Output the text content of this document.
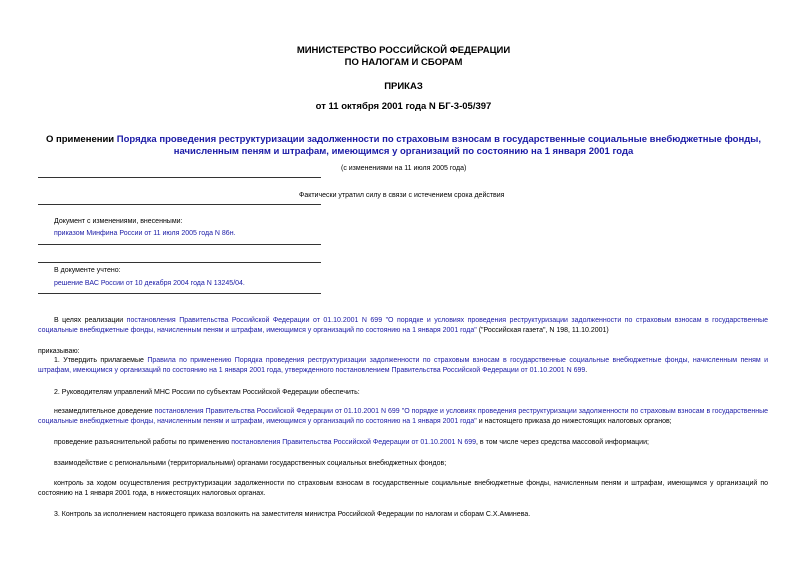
МИНИСТЕРСТВО РОССИЙСКОЙ ФЕДЕРАЦИИ
ПО НАЛОГАМ И СБОРАМ
ПРИКАЗ
от 11 октября 2001 года N БГ-3-05/397
О применении Порядка проведения реструктуризации задолженности по страховым взносам в государственные социальные внебюджетные фонды, начисленным пеням и штрафам, имеющимся у организаций по состоянию на 1 января 2001 года
(с изменениями на 11 июля 2005 года)
Фактически утратил силу в связи с истечением срока действия
Документ с изменениями, внесенными:
приказом Минфина России от 11 июля 2005 года N 86н.
В документе учтено:
решение ВАС России от 10 декабря 2004 года N 13245/04.
В целях реализации постановления Правительства Российской Федерации от 01.10.2001 N 699 "О порядке и условиях проведения реструктуризации задолженности по страховым взносам в государственные социальные внебюджетные фонды, начисленным пеням и штрафам, имеющимся у организаций по состоянию на 1 января 2001 года" ("Российская газета", N 198, 11.10.2001)
приказываю:
1. Утвердить прилагаемые Правила по применению Порядка проведения реструктуризации задолженности по страховым взносам в государственные социальные внебюджетные фонды, начисленным пеням и штрафам, имеющимся у организаций по состоянию на 1 января 2001 года, утвержденного постановлением Правительства Российской Федерации от 01.10.2001 N 699.
2. Руководителям управлений МНС России по субъектам Российской Федерации обеспечить:
незамедлительное доведение постановления Правительства Российской Федерации от 01.10.2001 N 699 "О порядке и условиях проведения реструктуризации задолженности по страховым взносам в государственные социальные внебюджетные фонды, начисленным пеням и штрафам, имеющимся у организаций по состоянию на 1 января 2001 года" и настоящего приказа до нижестоящих налоговых органов;
проведение разъяснительной работы по применению постановления Правительства Российской Федерации от 01.10.2001 N 699, в том числе через средства массовой информации;
взаимодействие с региональными (территориальными) органами государственных социальных внебюджетных фондов;
контроль за ходом осуществления реструктуризации задолженности по страховым взносам в государственные социальные внебюджетные фонды, начисленным пеням и штрафам, имеющимся у организаций по состоянию на 1 января 2001 года, в нижестоящих налоговых органах.
3. Контроль за исполнением настоящего приказа возложить на заместителя министра Российской Федерации по налогам и сборам С.Х.Аминева.
